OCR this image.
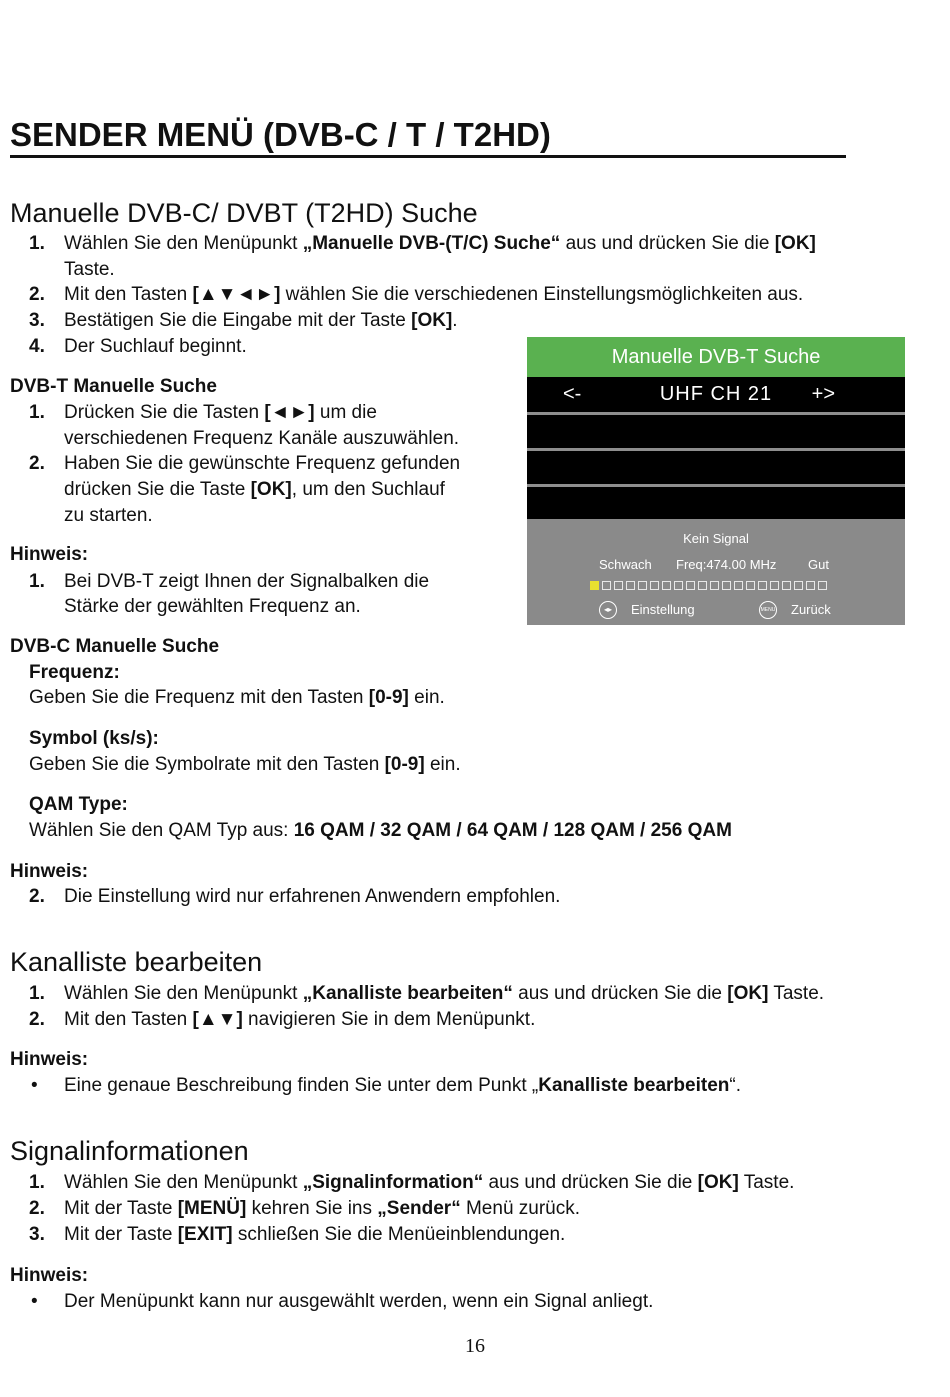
SENDER MENÜ (DVB-C / T / T2HD)
Manuelle DVB-C/ DVBT (T2HD) Suche
1.	Wählen Sie den Menüpunkt „Manuelle DVB-(T/C) Suche“ aus und drücken Sie die [OK]
Taste.
2.	Mit den Tasten [▲▼◄►] wählen Sie die verschiedenen Einstellungsmöglichkeiten aus.
3.	Bestätigen Sie die Eingabe mit der Taste [OK].
4.	Der Suchlauf beginnt.
DVB-T Manuelle Suche
1.	Drücken Sie die Tasten [◄►] um die
verschiedenen Frequenz Kanäle auszuwählen.
2.	Haben Sie die gewünschte Frequenz gefunden
drücken Sie die Taste [OK], um den Suchlauf
zu starten.
Hinweis:
1.	Bei DVB-T zeigt Ihnen der Signalbalken die
Stärke der gewählten Frequenz an.
Manuelle DVB-T Suche
UHF CH 21
<-	+>
Kein Signal
Schwach Freq:474.00 MHz Gut
◂▸	Einstellung	MENU Zurück
DVB-C Manuelle Suche
Frequenz:
Geben Sie die Frequenz mit den Tasten [0-9] ein.
Symbol (ks/s):
Geben Sie die Symbolrate mit den Tasten [0-9] ein.
QAM Type:
Wählen Sie den QAM Typ aus: 16 QAM / 32 QAM / 64 QAM / 128 QAM / 256 QAM
Hinweis:
2.	Die Einstellung wird nur erfahrenen Anwendern empfohlen.
Kanalliste bearbeiten
1.	Wählen Sie den Menüpunkt „Kanalliste bearbeiten“ aus und drücken Sie die [OK] Taste.
2.	Mit den Tasten [▲▼] navigieren Sie in dem Menüpunkt.
Hinweis:
• Eine genaue Beschreibung finden Sie unter dem Punkt „Kanalliste bearbeiten“.
Signalinformationen
1.	Wählen Sie den Menüpunkt „Signalinformation“ aus und drücken Sie die [OK] Taste.
2.	Mit der Taste [MENÜ] kehren Sie ins „Sender“ Menü zurück.
3.	Mit der Taste [EXIT] schließen Sie die Menüeinblendungen.
Hinweis:
• Der Menüpunkt kann nur ausgewählt werden, wenn ein Signal anliegt.
16
